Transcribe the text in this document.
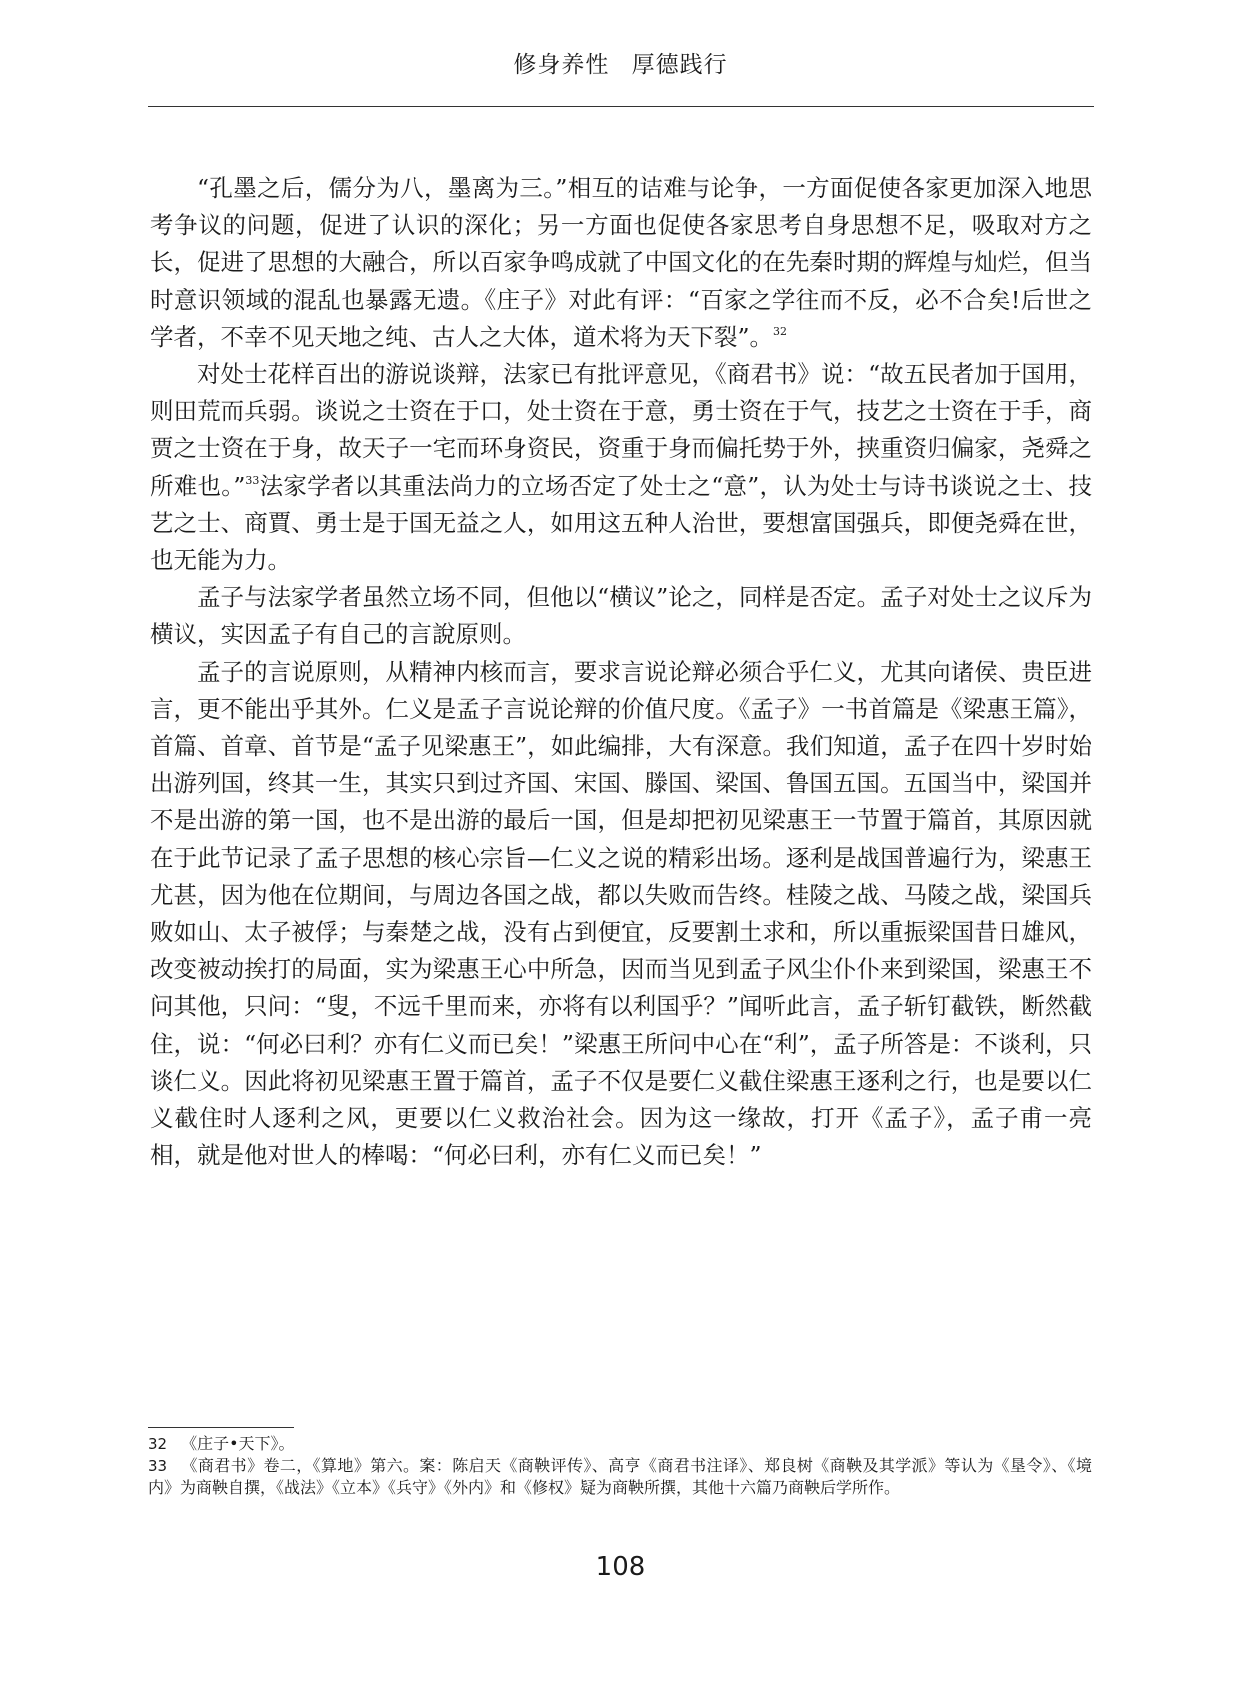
修身养性 厚德践行

“孔墨之后，儒分为八，墨离为三。”相互的诘难与论争，一方面促使各家更加深入地思考争议的问题，促进了认识的深化；另一方面也促使各家思考自身思想不足，吸取对方之长，促进了思想的大融合，所以百家争鸣成就了中国文化的在先秦时期的辉煌与灿烂，但当时意识领域的混乱也暴露无遗。《庄子》对此有评：“百家之学往而不反，必不合矣!后世之学者，不幸不见天地之纯、古人之大体，道术将为天下裂”。$^{32}$

对处士花样百出的游说谈辩，法家已有批评意见，《商君书》说：“故五民者加于国用，则田荒而兵弱。谈说之士资在于口，处士资在于意，勇士资在于气，技艺之士资在于手，商贾之士资在于身，故天子一宅而环身资民，资重于身而偏托势于外，挟重资归偏家，尧舜之所难也。”$^{33}$法家学者以其重法尚力的立场否定了处士之“意”，认为处士与诗书谈说之士、技艺之士、商賈、勇士是于国无益之人，如用这五种人治世，要想富国强兵，即便尧舜在世，也无能为力。

孟子与法家学者虽然立场不同，但他以“横议”论之，同样是否定。孟子对处士之议斥为横议，实因孟子有自己的言說原则。

孟子的言说原则，从精神内核而言，要求言说论辩必须合乎仁义，尤其向诸侯、贵臣进言，更不能出乎其外。仁义是孟子言说论辩的价值尺度。《孟子》一书首篇是《梁惠王篇》，首篇、首章、首节是“孟子见梁惠王”，如此编排，大有深意。我们知道，孟子在四十岁时始出游列国，终其一生，其实只到过齐国、宋国、滕国、梁国、鲁国五国。五国当中，梁国并不是出游的第一国，也不是出游的最后一国，但是却把初见梁惠王一节置于篇首，其原因就在于此节记录了孟子思想的核心宗旨—仁义之说的精彩出场。逐利是战国普遍行为，梁惠王尤甚，因为他在位期间，与周边各国之战，都以失败而告终。桂陵之战、马陵之战，梁国兵败如山、太子被俘；与秦楚之战，没有占到便宜，反要割土求和，所以重振梁国昔日雄风，改变被动挨打的局面，实为梁惠王心中所急，因而当见到孟子风尘仆仆来到梁国，梁惠王不问其他，只问：“叟，不远千里而来，亦将有以利国乎？”闻听此言，孟子斩钉截铁，断然截住，说：“何必曰利？亦有仁义而已矣！”梁惠王所问中心在“利”，孟子所答是：不谈利，只谈仁义。因此将初见梁惠王置于篇首，孟子不仅是要仁义截住梁惠王逐利之行，也是要以仁义截住时人逐利之风，更要以仁义救治社会。因为这一缘故，打开《孟子》，孟子甫一亮相，就是他对世人的棒喝：“何必曰利，亦有仁义而已矣！”

32 《庄子•天下》。
33 《商君书》卷二，《算地》第六。案：陈启天《商鞅评传》、高亨《商君书注译》、郑良树《商鞅及其学派》等认为《垦令》、《境内》为商鞅自撰，《战法》《立本》《兵守》《外内》和《修权》疑为商鞅所撰，其他十六篇乃商鞅后学所作。
108
